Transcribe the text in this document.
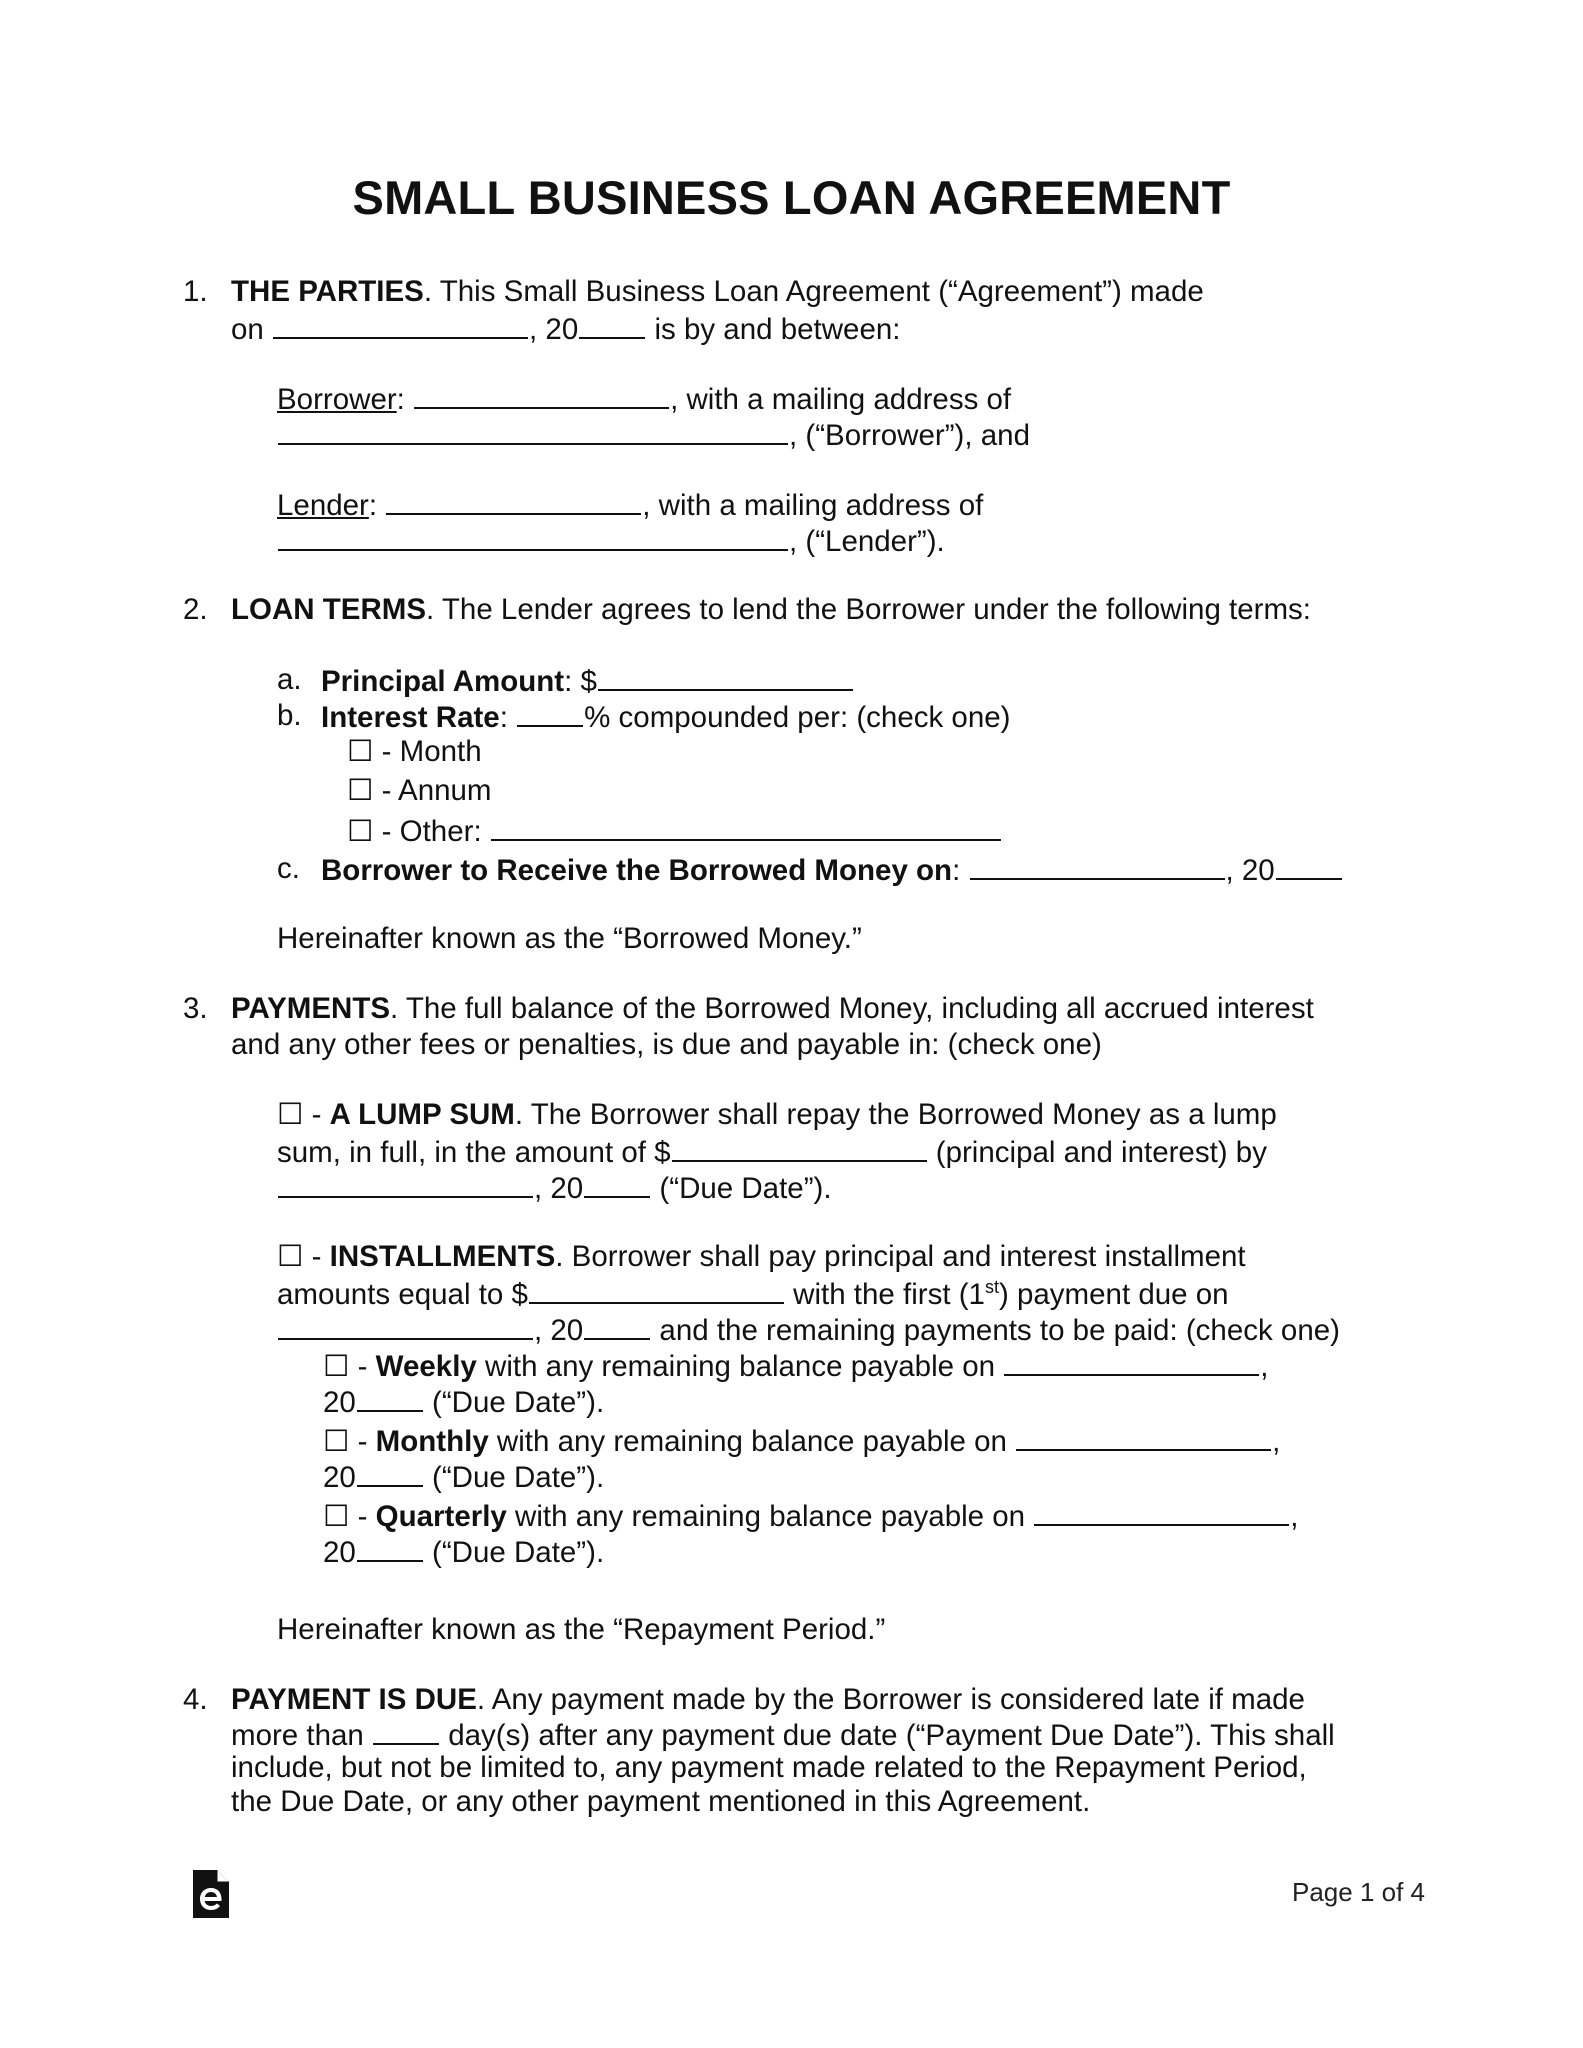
SMALL BUSINESS LOAN AGREEMENT
1. THE PARTIES. This Small Business Loan Agreement (“Agreement”) made
on	, 20	is by and between:
Borrower:	, with a mailing address of
, (“Borrower”), and
Lender:	, with a mailing address of
, (“Lender”).
2. LOAN TERMS. The Lender agrees to lend the Borrower under the following terms:
a. Principal Amount: $
b. Interest Rate:	% compounded per: (check one)
☐ - Month
☐ - Annum
☐ - Other:
c. Borrower to Receive the Borrowed Money on:	, 20
Hereinafter known as the “Borrowed Money.”
3. PAYMENTS. The full balance of the Borrowed Money, including all accrued interest
and any other fees or penalties, is due and payable in: (check one)
☐ - A LUMP SUM. The Borrower shall repay the Borrowed Money as a lump
sum, in full, in the amount of $	(principal and interest) by
, 20	(“Due Date”).
☐ - INSTALLMENTS. Borrower shall pay principal and interest installment
amounts equal to $	with the first (1st) payment due on
, 20	and the remaining payments to be paid: (check one)
☐ - Weekly with any remaining balance payable on	,
20	(“Due Date”).
☐ - Monthly with any remaining balance payable on	,
20	(“Due Date”).
☐ - Quarterly with any remaining balance payable on	,
20	(“Due Date”).
Hereinafter known as the “Repayment Period.”
4. PAYMENT IS DUE. Any payment made by the Borrower is considered late if made
more than	day(s) after any payment due date (“Payment Due Date”). This shall
include, but not be limited to, any payment made related to the Repayment Period,
the Due Date, or any other payment mentioned in this Agreement.
Page 1 of 4
